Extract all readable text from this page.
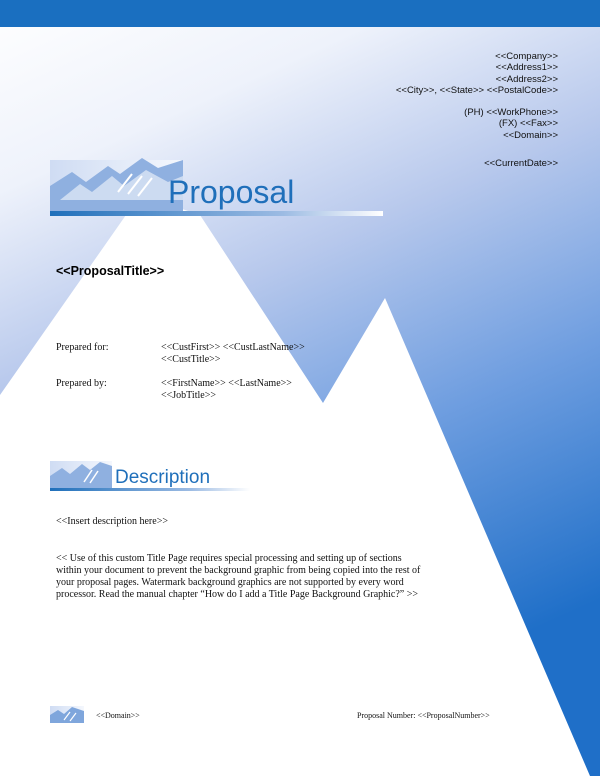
<<Company>>
<<Address1>>
<<Address2>>
<<City>>, <<State>> <<PostalCode>>
(PH) <<WorkPhone>>
(FX) <<Fax>>
<<Domain>>
<<CurrentDate>>
Proposal
<<ProposalTitle>>
Prepared for:	<<CustFirst>> <<CustLastName>>
<<CustTitle>>
Prepared by:	<<FirstName>> <<LastName>>
<<JobTitle>>
Description
<<Insert description here>>
<< Use of this custom Title Page requires special processing and setting up of sections
within your document to prevent the background graphic from being copied into the rest of
your proposal pages. Watermark background graphics are not supported by every word
processor. Read the manual chapter “How do I add a Title Page Background Graphic?” >>
<<Domain>>	Proposal Number: <<ProposalNumber>>
